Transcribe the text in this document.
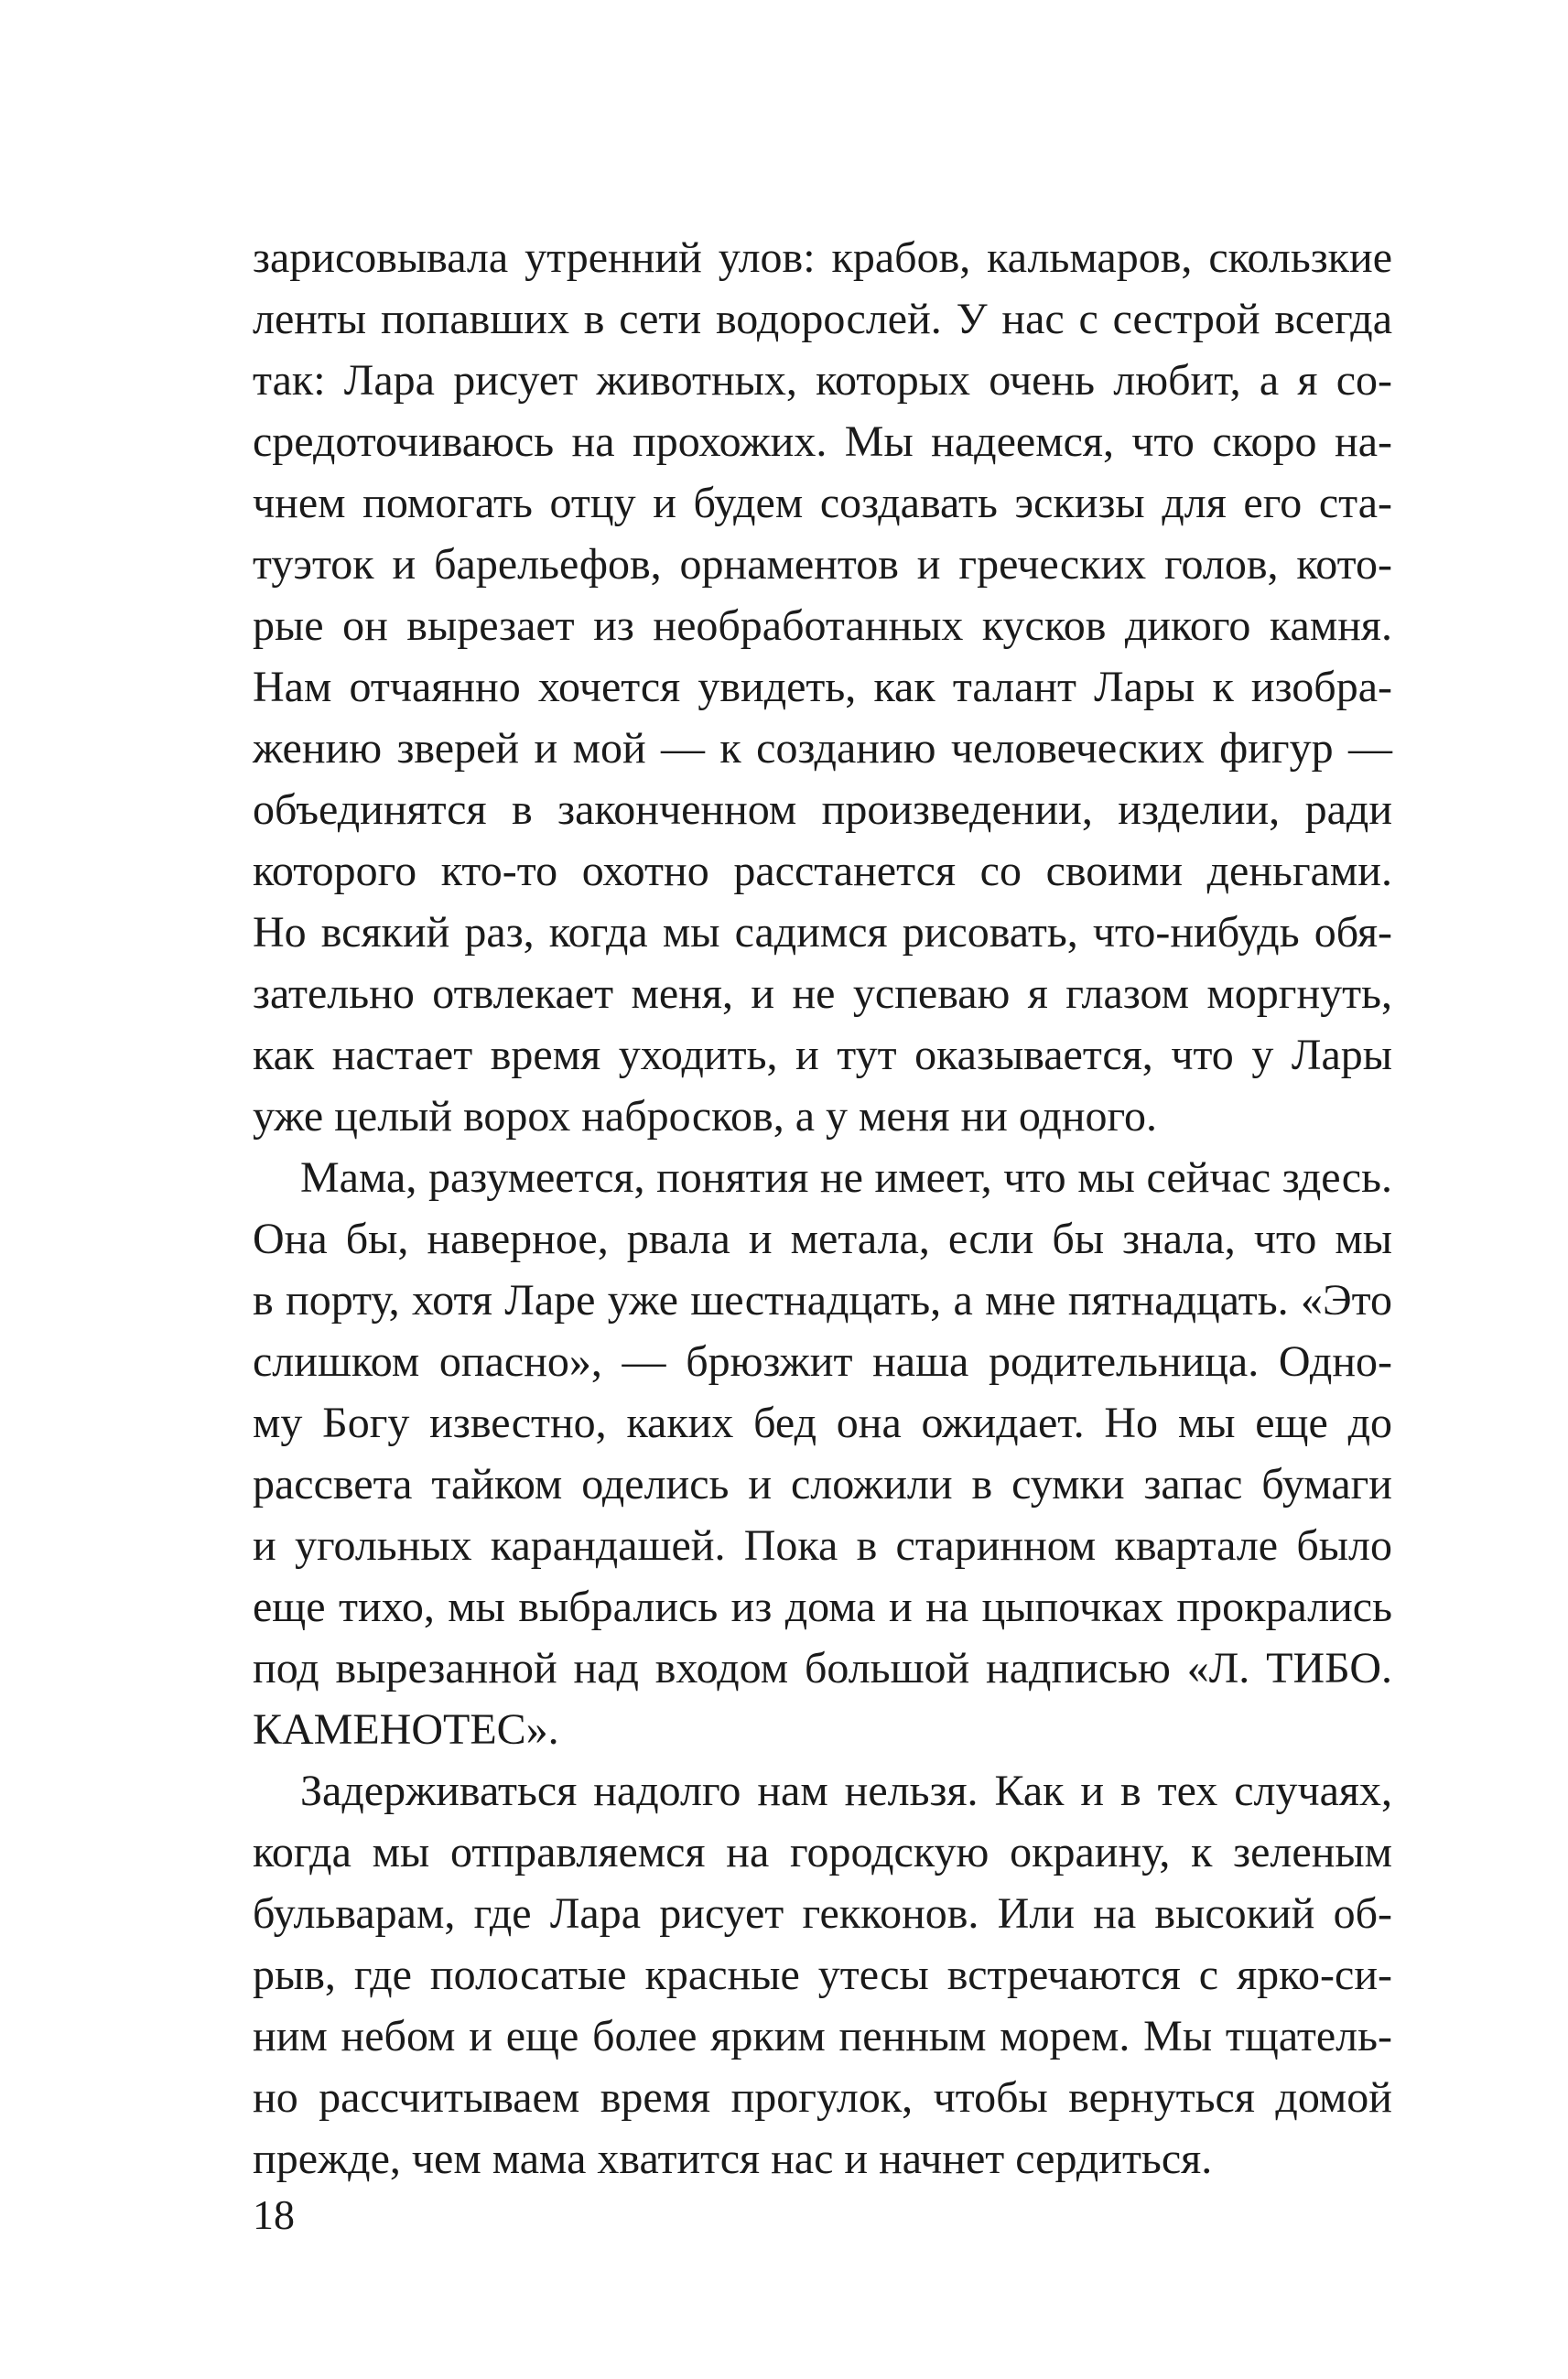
зарисовывала утренний улов: крабов, кальмаров, скользкие
ленты попавших в сети водорослей. У нас с сестрой всегда
так: Лара рисует животных, которых очень любит, а я со-
средоточиваюсь на прохожих. Мы надеемся, что скоро на-
чнем помогать отцу и будем создавать эскизы для его ста-
туэток и барельефов, орнаментов и греческих голов, кото-
рые он вырезает из необработанных кусков дикого камня.
Нам отчаянно хочется увидеть, как талант Лары к изобра-
жению зверей и мой — к созданию человеческих фигур —
объединятся в законченном произведении, изделии, ради
которого кто-то охотно расстанется со своими деньгами.
Но всякий раз, когда мы садимся рисовать, что-нибудь обя-
зательно отвлекает меня, и не успеваю я глазом моргнуть,
как настает время уходить, и тут оказывается, что у Лары
уже целый ворох набросков, а у меня ни одного.
Мама, разумеется, понятия не имеет, что мы сейчас здесь.
Она бы, наверное, рвала и метала, если бы знала, что мы
в порту, хотя Ларе уже шестнадцать, а мне пятнадцать. «Это
слишком опасно», — брюзжит наша родительница. Одно-
му Богу известно, каких бед она ожидает. Но мы еще до
рассвета тайком оделись и сложили в сумки запас бумаги
и угольных карандашей. Пока в старинном квартале было
еще тихо, мы выбрались из дома и на цыпочках прокрались
под вырезанной над входом большой надписью «Л. ТИБО.
КАМЕНОТЕС».
Задерживаться надолго нам нельзя. Как и в тех случаях,
когда мы отправляемся на городскую окраину, к зеленым
бульварам, где Лара рисует гекконов. Или на высокий об-
рыв, где полосатые красные утесы встречаются с ярко-си-
ним небом и еще более ярким пенным морем. Мы тщатель-
но рассчитываем время прогулок, чтобы вернуться домой
прежде, чем мама хватится нас и начнет сердиться.
18
